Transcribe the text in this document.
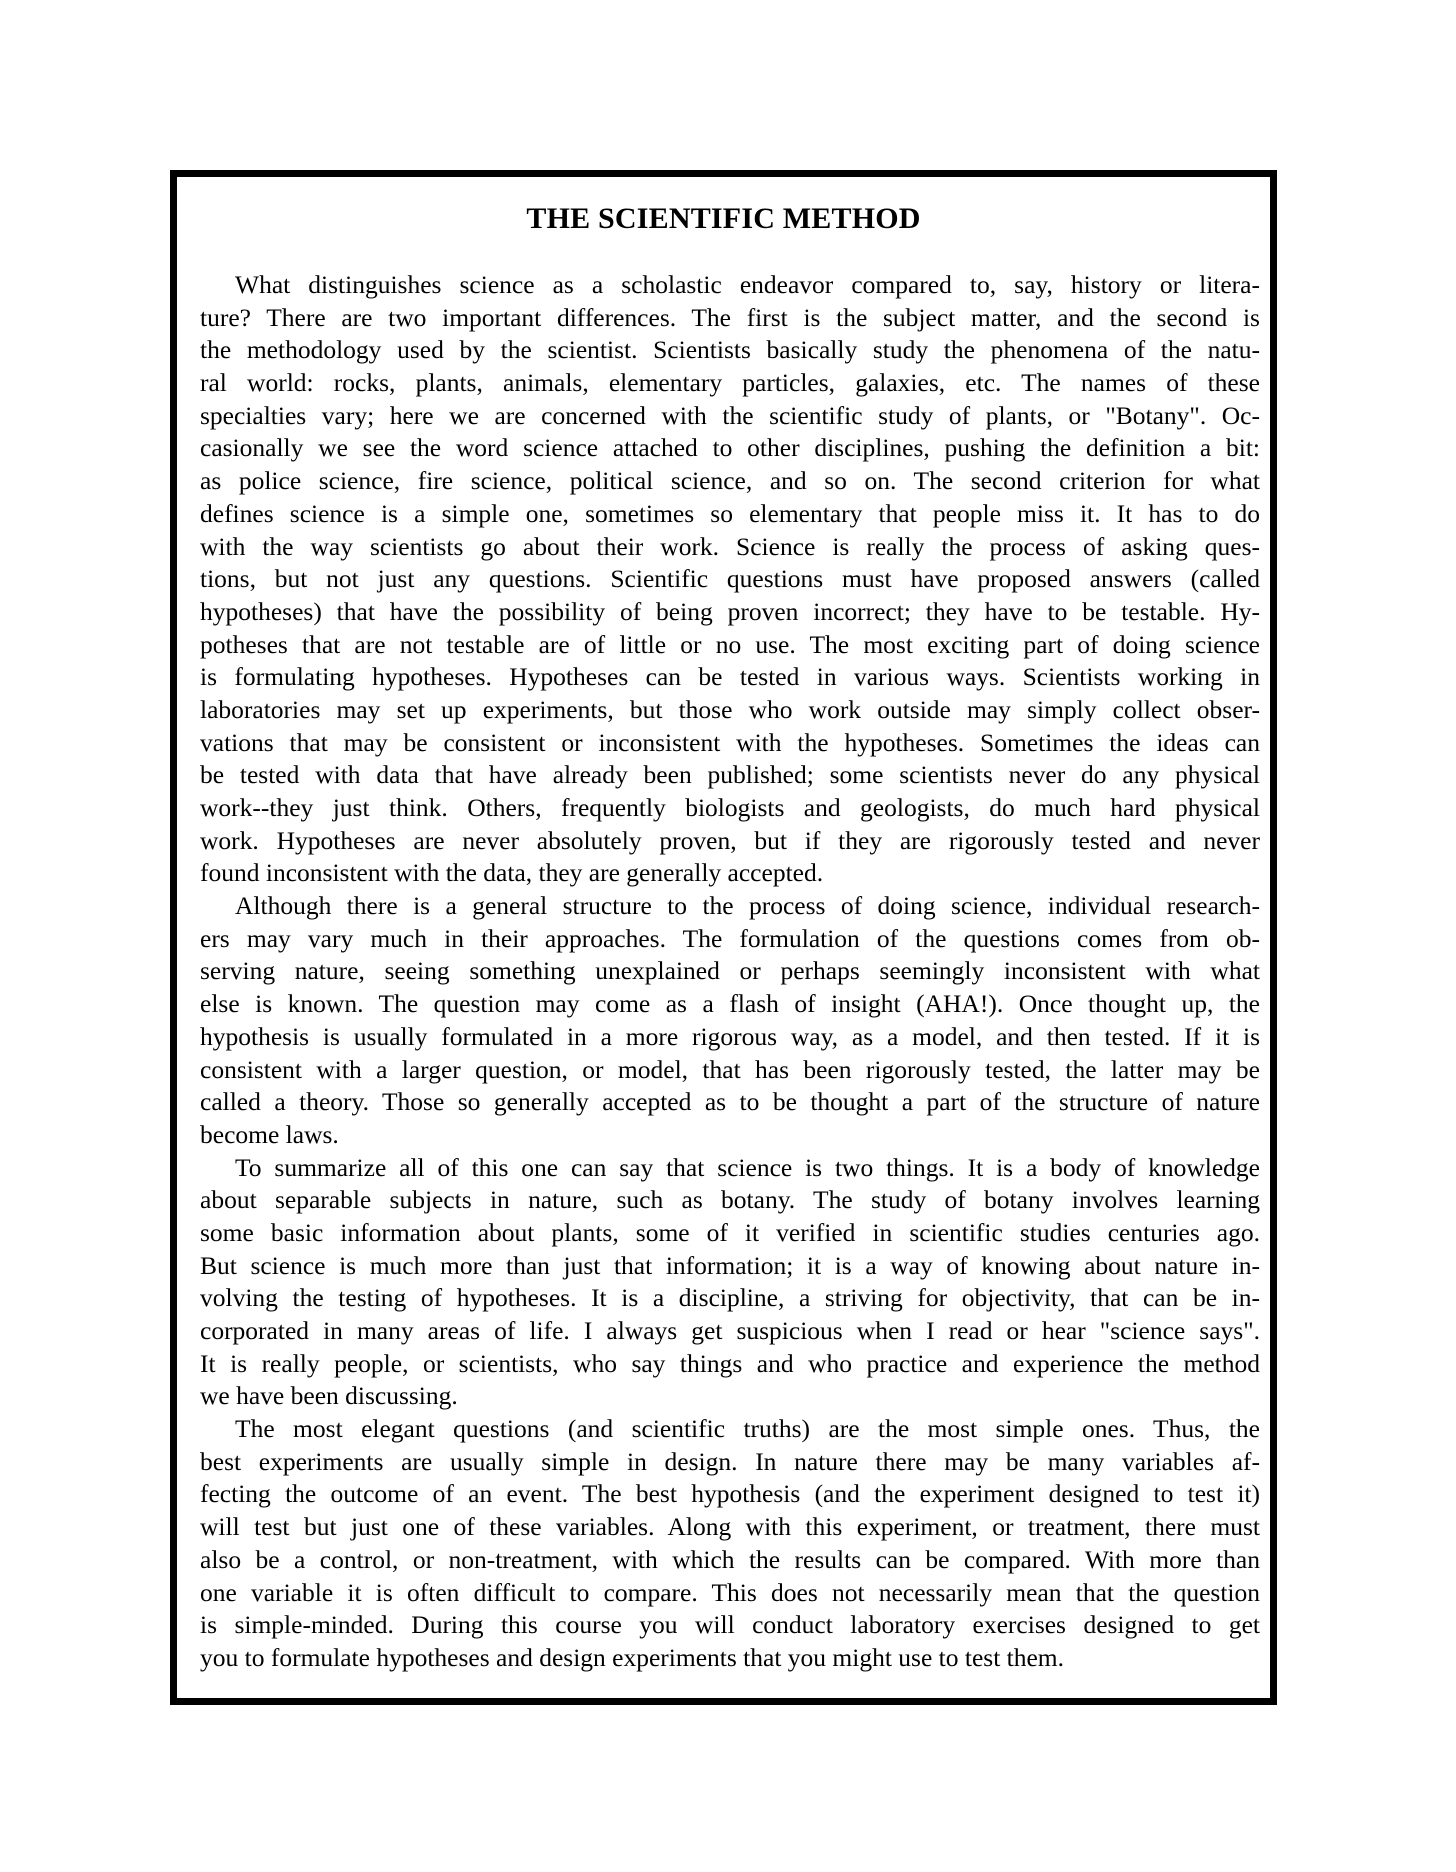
THE SCIENTIFIC METHOD
What distinguishes science as a scholastic endeavor compared to, say, history or litera-
ture? There are two important differences. The first is the subject matter, and the second is
the methodology used by the scientist. Scientists basically study the phenomena of the natu-
ral world: rocks, plants, animals, elementary particles, galaxies, etc. The names of these
specialties vary; here we are concerned with the scientific study of plants, or "Botany". Oc-
casionally we see the word science attached to other disciplines, pushing the definition a bit:
as police science, fire science, political science, and so on. The second criterion for what
defines science is a simple one, sometimes so elementary that people miss it. It has to do
with the way scientists go about their work. Science is really the process of asking ques-
tions, but not just any questions. Scientific questions must have proposed answers (called
hypotheses) that have the possibility of being proven incorrect; they have to be testable. Hy-
potheses that are not testable are of little or no use. The most exciting part of doing science
is formulating hypotheses. Hypotheses can be tested in various ways. Scientists working in
laboratories may set up experiments, but those who work outside may simply collect obser-
vations that may be consistent or inconsistent with the hypotheses. Sometimes the ideas can
be tested with data that have already been published; some scientists never do any physical
work--they just think. Others, frequently biologists and geologists, do much hard physical
work. Hypotheses are never absolutely proven, but if they are rigorously tested and never
found inconsistent with the data, they are generally accepted.
Although there is a general structure to the process of doing science, individual research-
ers may vary much in their approaches. The formulation of the questions comes from ob-
serving nature, seeing something unexplained or perhaps seemingly inconsistent with what
else is known. The question may come as a flash of insight (AHA!). Once thought up, the
hypothesis is usually formulated in a more rigorous way, as a model, and then tested. If it is
consistent with a larger question, or model, that has been rigorously tested, the latter may be
called a theory. Those so generally accepted as to be thought a part of the structure of nature
become laws.
To summarize all of this one can say that science is two things. It is a body of knowledge
about separable subjects in nature, such as botany. The study of botany involves learning
some basic information about plants, some of it verified in scientific studies centuries ago.
But science is much more than just that information; it is a way of knowing about nature in-
volving the testing of hypotheses. It is a discipline, a striving for objectivity, that can be in-
corporated in many areas of life. I always get suspicious when I read or hear "science says".
It is really people, or scientists, who say things and who practice and experience the method
we have been discussing.
The most elegant questions (and scientific truths) are the most simple ones. Thus, the
best experiments are usually simple in design. In nature there may be many variables af-
fecting the outcome of an event. The best hypothesis (and the experiment designed to test it)
will test but just one of these variables. Along with this experiment, or treatment, there must
also be a control, or non-treatment, with which the results can be compared. With more than
one variable it is often difficult to compare. This does not necessarily mean that the question
is simple-minded. During this course you will conduct laboratory exercises designed to get
you to formulate hypotheses and design experiments that you might use to test them.
